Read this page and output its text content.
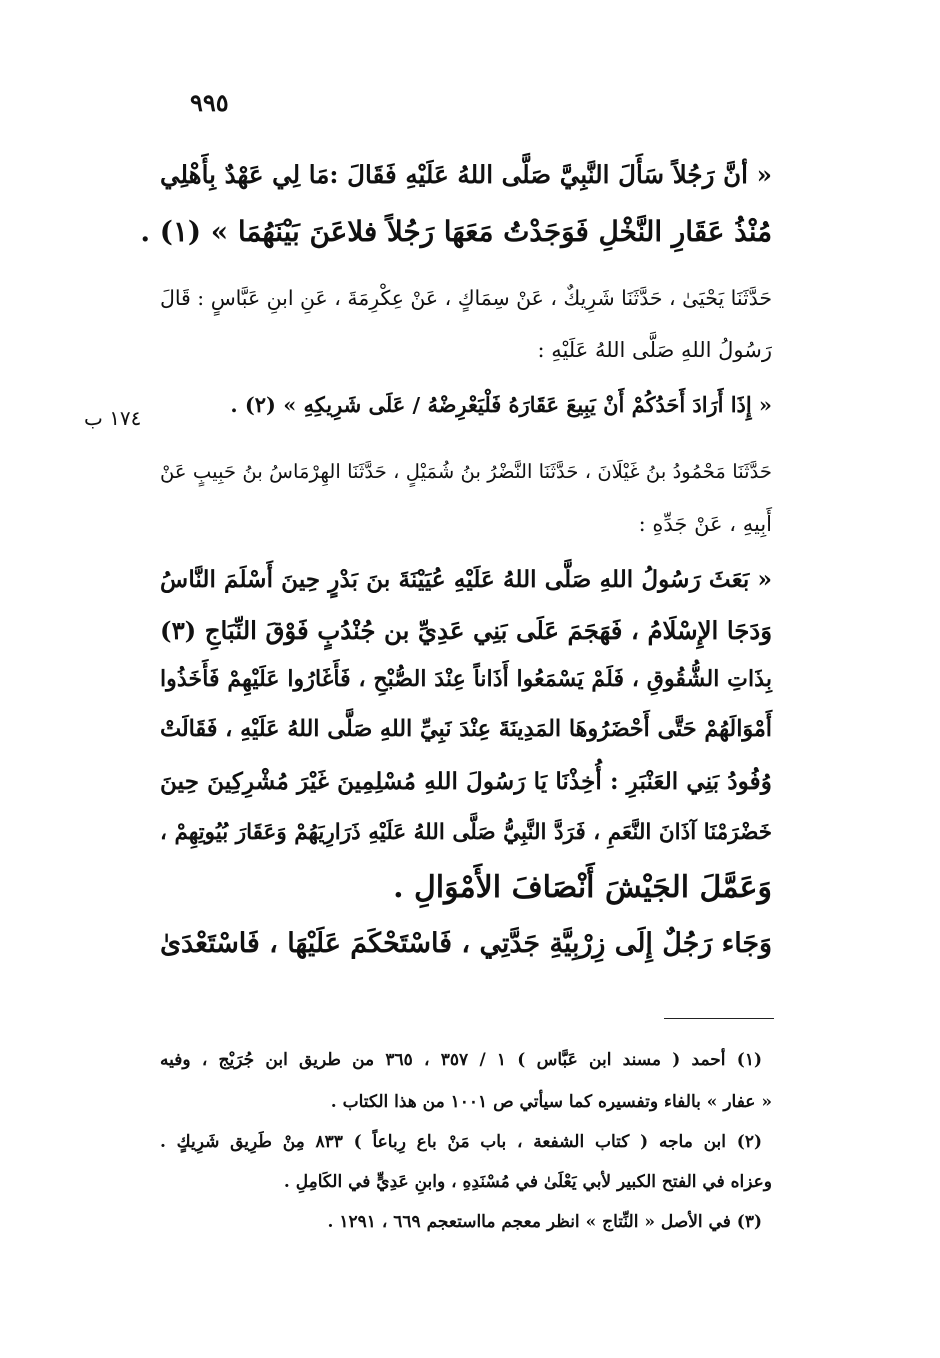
٩٩٥
١٧٤ ب
« أنَّ رَجُلاً سَأَلَ النَّبِيَّ صَلَّى اللهُ عَلَيْهِ فَقَالَ :مَا لِي عَهْدٌ بِأَهْلِي
مُنْذُ عَقَارِ النَّخْلِ فَوَجَدْتُ مَعَهَا رَجُلاً فلاعَنَ بَيْنَهُمَا » (١) .
حَدَّثَنَا يَحْيَىٰ ، حَدَّثَنَا شَرِيكٌ ، عَنْ سِمَاكٍ ، عَنْ عِكْرِمَةَ ، عَنِ ابنِ عَبَّاسٍ : قَالَ
رَسُولُ اللهِ صَلَّى اللهُ عَلَيْهِ :
« إِذَا أَرَادَ أَحَدُكُمْ أَنْ يَبِيعَ عَقَارَهُ فَلْيَعْرِضْهُ / عَلَى شَرِيكِهِ » (٢) .
حَدَّثَنَا مَحْمُودُ بنُ غَيْلَانَ ، حَدَّثَنَا النَّضْرُ بنُ شُمَيْلٍ ، حَدَّثَنَا الهِرْمَاسُ بنُ حَبِيبٍ عَنْ
أَبِيهِ ، عَنْ جَدِّهِ :
« بَعَثَ رَسُولُ اللهِ صَلَّى اللهُ عَلَيْهِ عُيَيْنَةَ بنَ بَدْرٍ حِينَ أَسْلَمَ النَّاسُ
وَدَجَا الإِسْلَامُ ، فَهَجَمَ عَلَى بَنِي عَدِيِّ بن جُنْدُبٍ فَوْقَ النِّبَاجِ (٣)
بِذَاتِ الشُّقُوقِ ، فَلَمْ يَسْمَعُوا أَذَاناً عِنْدَ الصُّبْحِ ، فَأَغَارُوا عَلَيْهِمْ فَأَخَذُوا
أَمْوَالَهُمْ حَتَّى أَحْضَرُوهَا المَدِينَةَ عِنْدَ نَبِيِّ اللهِ صَلَّى اللهُ عَلَيْهِ ، فَقَالَتْ
وُفُودُ بَنِي العَنْبَرِ : أُخِذْنَا يَا رَسُولَ اللهِ مُسْلِمِينَ غَيْرَ مُشْرِكِينَ حِينَ
خَضْرَمْنَا آذَانَ النَّعَمِ ، فَرَدَّ النَّبِيُّ صَلَّى اللهُ عَلَيْهِ ذَرَارِيَهُمْ وَعَقَارَ بُيُوتِهِمْ ،
وَعَمَّلَ الجَيْشَ أَنْصَافَ الأَمْوَالِ .
وَجَاء رَجُلٌ إِلَى زِرْبِيَّةِ جَدَّتِي ، فَاسْتَحْكَمَ عَلَيْهَا ، فَاسْتَعْدَىٰ
(١) أحمد ( مسند ابن عَبَّاس ) ١ / ٣٥٧ ، ٣٦٥ من طريق ابن جُرَيْج ، وفيه
« عفار » بالفاء وتفسيره كما سيأتي ص ١٠٠١ من هذا الكتاب .
(٢) ابن ماجه ( كتاب الشفعة ، باب مَنْ باع رِباعاً ) ٨٣٣ مِنْ طَرِيق شَرِيكٍ .
وعزاه في الفتح الكبير لأبي يَعْلَىٰ في مُسْنَدِهِ ، وابنِ عَدِيٍّ في الكَامِلِ .
(٣) في الأصل « النِّتاج » انظر معجم مااستعجم ٦٦٩ ، ١٢٩١ .
